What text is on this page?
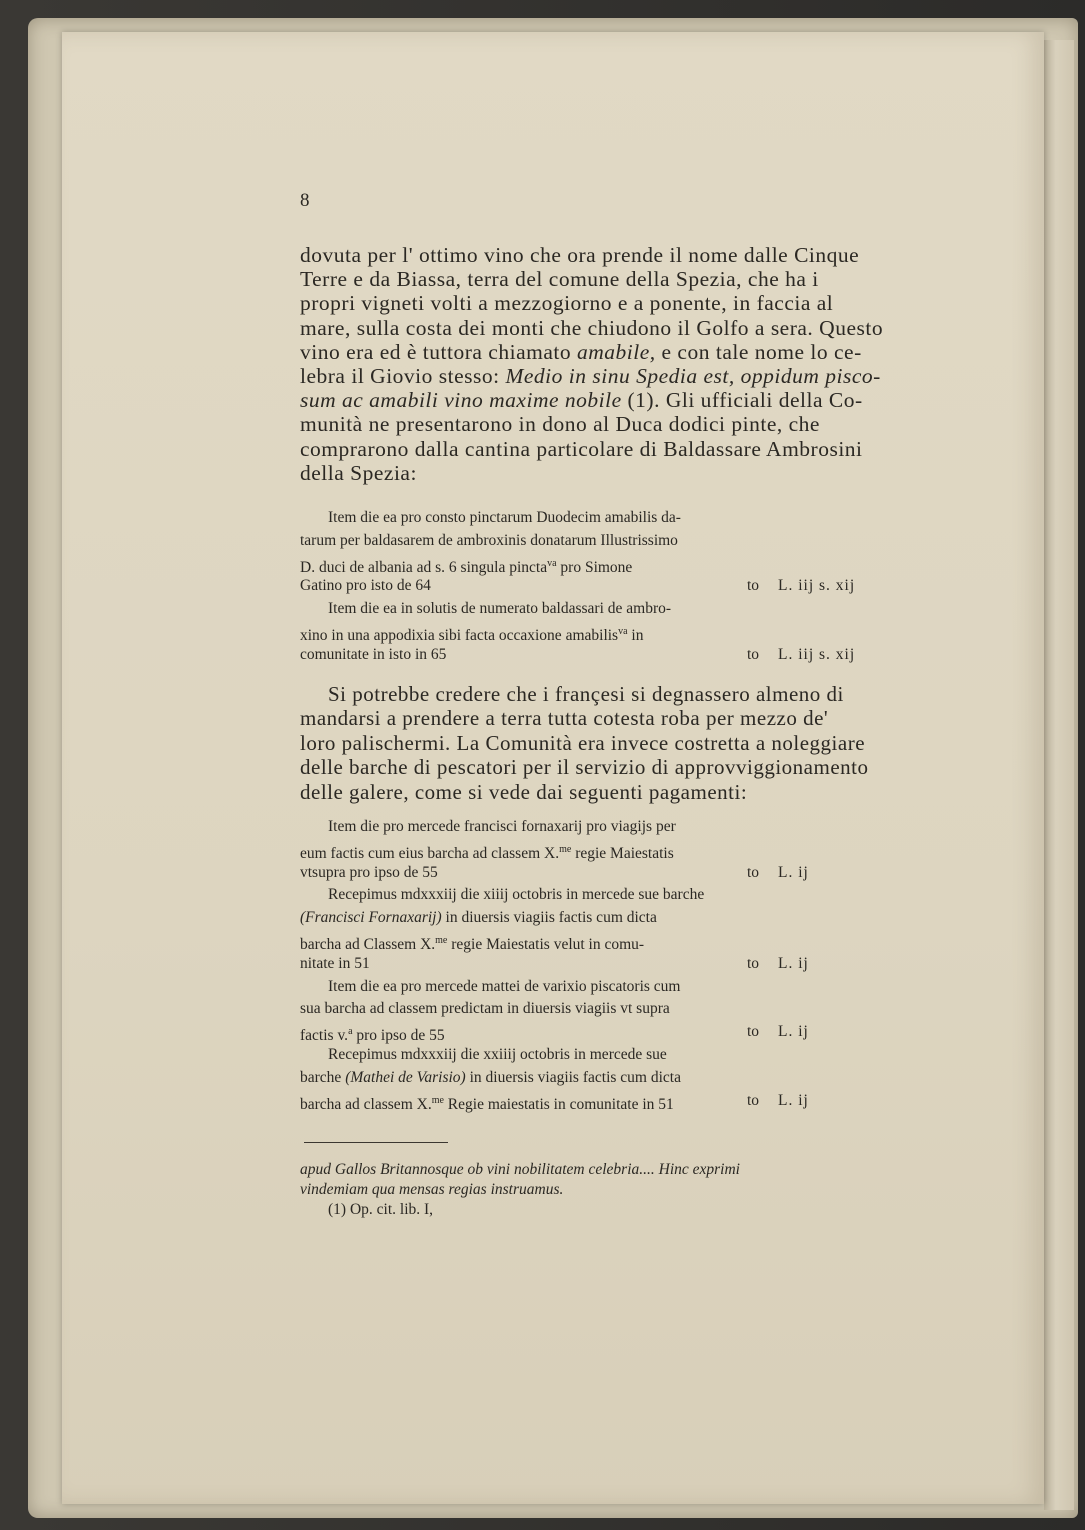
8
dovuta per l' ottimo vino che ora prende il nome dalle Cinque
Terre e da Biassa, terra del comune della Spezia, che ha i
propri vigneti volti a mezzogiorno e a ponente, in faccia al
mare, sulla costa dei monti che chiudono il Golfo a sera. Questo
vino era ed è tuttora chiamato amabile, e con tale nome lo ce-
lebra il Giovio stesso: Medio in sinu Spedia est, oppidum pisco-
sum ac amabili vino maxime nobile (1). Gli ufficiali della Co-
munità ne presentarono in dono al Duca dodici pinte, che
comprarono dalla cantina particolare di Baldassare Ambrosini
della Spezia:
Item die ea pro consto pinctarum Duodecim amabilis da-
tarum per baldasarem de ambroxinis donatarum Illustrissimo
D. duci de albania ad s. 6 singula pincta$^{va}$ pro Simone
Gatino pro isto de 64	to L. iij s. xij
Item die ea in solutis de numerato baldassari de ambro-
xino in una appodixia sibi facta occaxione amabilis$^{va}$ in
comunitate in isto in 65	to L. iij s. xij
Si potrebbe credere che i françesi si degnassero almeno di
mandarsi a prendere a terra tutta cotesta roba per mezzo de'
loro palischermi. La Comunità era invece costretta a noleggiare
delle barche di pescatori per il servizio di approvviggionamento
delle galere, come si vede dai seguenti pagamenti:
Item die pro mercede francisci fornaxarij pro viagijs per
eum factis cum eius barcha ad classem X.$^{me}$ regie Maiestatis
vtsupra pro ipso de 55	to L. ij
Recepimus mdxxxiij die xiiij octobris in mercede sue barche
(Francisci Fornaxarij) in diuersis viagiis factis cum dicta
barcha ad Classem X.$^{me}$ regie Maiestatis velut in comu-
nitate in 51	to L. ij
Item die ea pro mercede mattei de varixio piscatoris cum
sua barcha ad classem predictam in diuersis viagiis vt supra
factis v.$^a$ pro ipso de 55	to L. ij
Recepimus mdxxxiij die xxiiij octobris in mercede sue
barche (Mathei de Varisio) in diuersis viagiis factis cum dicta
barcha ad classem X.$^{me}$ Regie maiestatis in comunitate in 51	to L. ij
apud Gallos Britannosque ob vini nobilitatem celebria.... Hinc exprimi
vindemiam qua mensas regias instruamus.
(1) Op. cit. lib. I,
